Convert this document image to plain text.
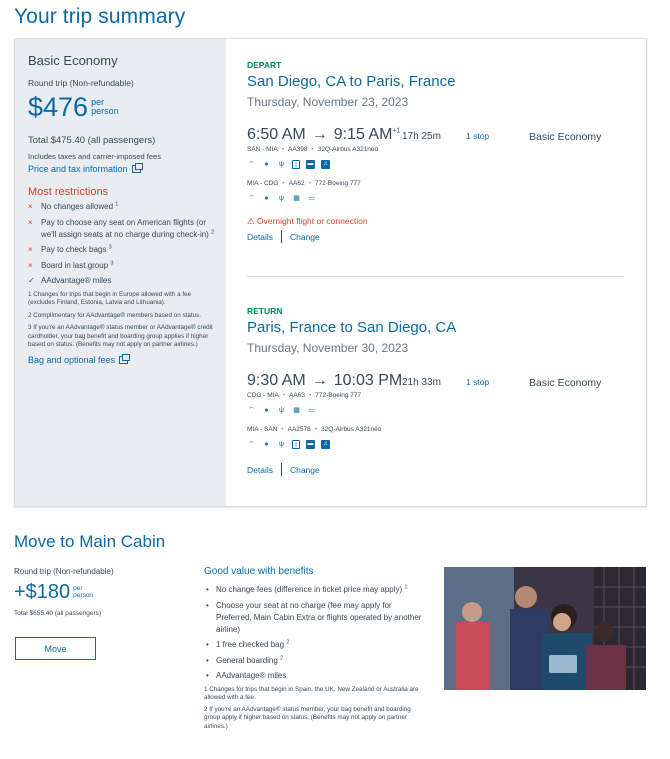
Your trip summary
Basic Economy
Round trip (Non-refundable)
$476 per person
Total $475.40 (all passengers)
Includes taxes and carrier-imposed fees
Price and tax information
Most restrictions
×	No changes allowed $^1$
×	Pay to choose any seat on American flights (or we'll assign seats at no charge during check-in) $^2$
×	Pay to check bags $^3$
×	Board in last group $^3$
✓ AAdvantage® miles

1 Changes for trips that begin in Europe allowed with a fee (excludes Finland, Estonia, Latvia and Lithuania).

2 Complimentary for AAdvantage® members based on status.

3 If you're an AAdvantage® status member or AAdvantage® credit cardholder, your bag benefit and boarding group applies if higher based on status. (Benefits may not apply on partner airlines.)

Bag and optional fees
DEPART
San Diego, CA to Paris, France
Thursday, November 23, 2023
6:50 AM → 9:15 $AM^{+1}$ 17h 25m	1 stop	Basic Economy
SAN - MIA • AA398 • 32Q-Airbus A321neo
⌔	●	ψ	▯	▬	♫
MIA - CDG • AA62 • 772-Boeing 777
⌔	●	ψ ▦ ▭
⚠ Overnight flight or connection
Details Change
RETURN
Paris, France to San Diego, CA
Thursday, November 30, 2023
9:30 AM → 10:03 PM 21h 33m	1 stop	Basic Economy
CDG - MIA • AA63 • 772-Boeing 777
⌔	●	ψ ▦ ▭
MIA - SAN • AA2578 • 32Q-Airbus A321neo
⌔	●	ψ	▯	▬	♫
Details Change
Move to Main Cabin
Round trip (Non-refundable)
+$180 per person
Total $655.40 (all passengers)
Move
Good value with benefits
• No change fees (difference in ticket price may apply) $^1$
• Choose your seat at no charge (fee may apply for Preferred, Main Cabin Extra or flights operated by another airline)
• 1 free checked bag $^2$
• General boarding $^2$
• AAdvantage® miles

1 Changes for trips that begin in Spain, the UK, New Zealand or Australia are allowed with a fee.

2 If you're an AAdvantage® status member, your bag benefit and boarding group apply if higher based on status. (Benefits may not apply on partner airlines.)
